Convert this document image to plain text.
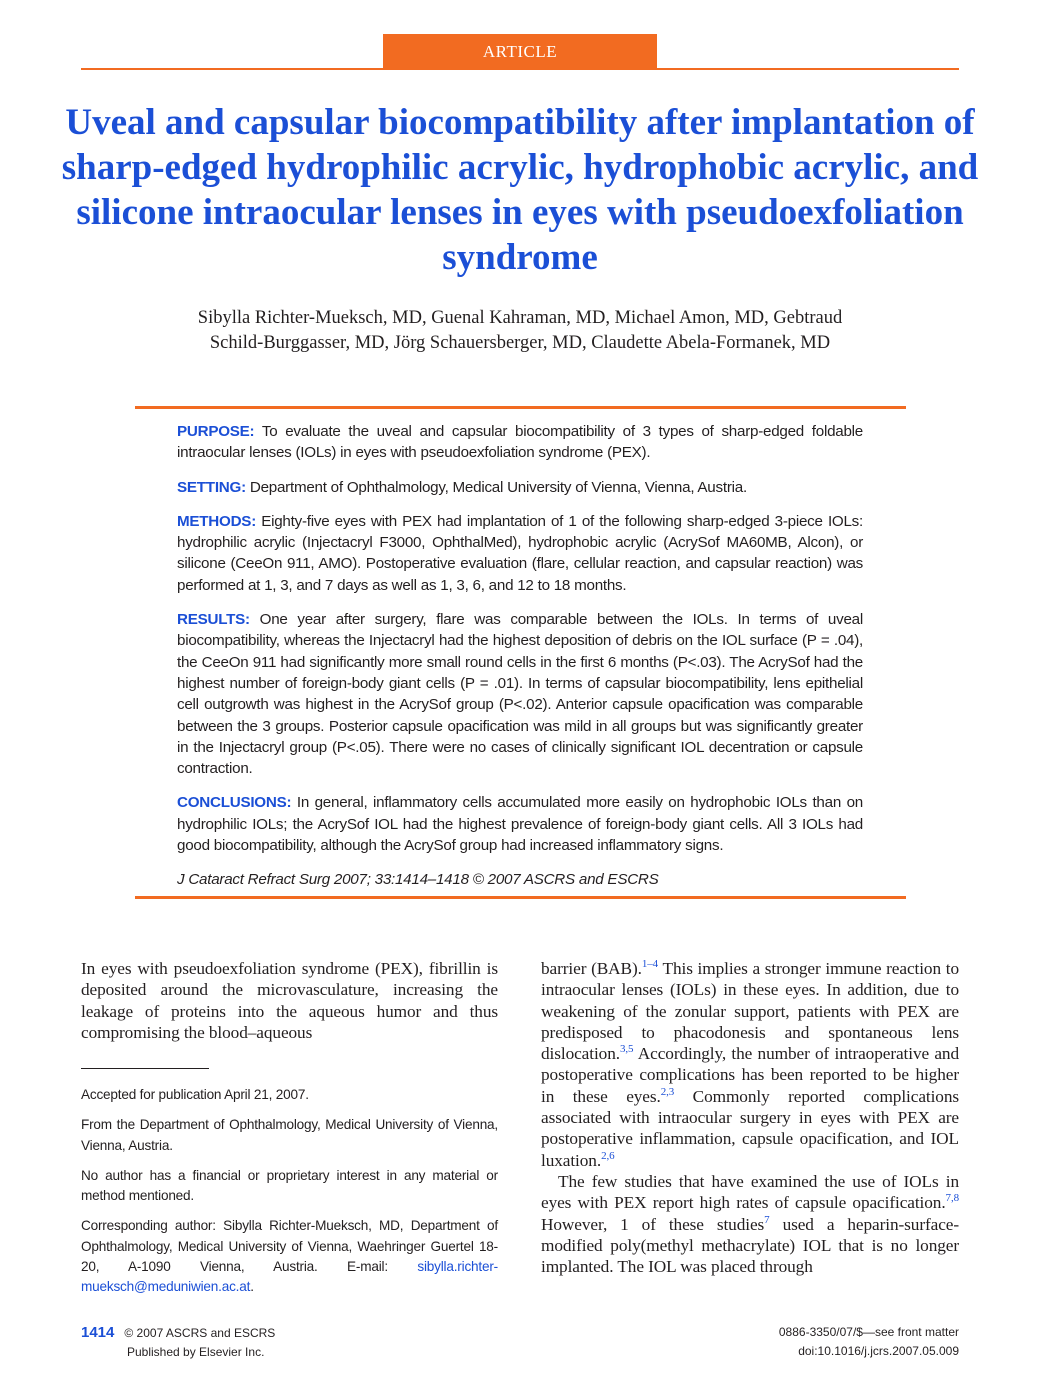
ARTICLE
Uveal and capsular biocompatibility after implantation of sharp-edged hydrophilic acrylic, hydrophobic acrylic, and silicone intraocular lenses in eyes with pseudoexfoliation syndrome
Sibylla Richter-Mueksch, MD, Guenal Kahraman, MD, Michael Amon, MD, Gebtraud
Schild-Burggasser, MD, Jörg Schauersberger, MD, Claudette Abela-Formanek, MD

PURPOSE: To evaluate the uveal and capsular biocompatibility of 3 types of sharp-edged foldable intraocular lenses (IOLs) in eyes with pseudoexfoliation syndrome (PEX).

SETTING: Department of Ophthalmology, Medical University of Vienna, Vienna, Austria.

METHODS: Eighty-five eyes with PEX had implantation of 1 of the following sharp-edged 3-piece IOLs: hydrophilic acrylic (Injectacryl F3000, OphthalMed), hydrophobic acrylic (AcrySof MA60MB, Alcon), or silicone (CeeOn 911, AMO). Postoperative evaluation (flare, cellular reaction, and capsular reaction) was performed at 1, 3, and 7 days as well as 1, 3, 6, and 12 to 18 months.

RESULTS: One year after surgery, flare was comparable between the IOLs. In terms of uveal biocompatibility, whereas the Injectacryl had the highest deposition of debris on the IOL surface (P = .04), the CeeOn 911 had significantly more small round cells in the first 6 months (P<.03). The AcrySof had the highest number of foreign-body giant cells (P = .01). In terms of capsular biocompatibility, lens epithelial cell outgrowth was highest in the AcrySof group (P<.02). Anterior capsule opacification was comparable between the 3 groups. Posterior capsule opacification was mild in all groups but was significantly greater in the Injectacryl group (P<.05). There were no cases of clinically significant IOL decentration or capsule contraction.

CONCLUSIONS: In general, inflammatory cells accumulated more easily on hydrophobic IOLs than on hydrophilic IOLs; the AcrySof IOL had the highest prevalence of foreign-body giant cells. All 3 IOLs had good biocompatibility, although the AcrySof group had increased inflammatory signs.

J Cataract Refract Surg 2007; 33:1414–1418 © 2007 ASCRS and ESCRS

In eyes with pseudoexfoliation syndrome (PEX), fibrillin is deposited around the microvasculature, increasing the leakage of proteins into the aqueous humor and thus compromising the blood–aqueous

Accepted for publication April 21, 2007.

From the Department of Ophthalmology, Medical University of Vienna, Vienna, Austria.

No author has a financial or proprietary interest in any material or method mentioned.

Corresponding author: Sibylla Richter-Mueksch, MD, Department of Ophthalmology, Medical University of Vienna, Waehringer Guertel 18-20, A-1090 Vienna, Austria. E-mail: sibylla.richter-mueksch@meduniwien.ac.at.

barrier (BAB).$^{1-4}$ This implies a stronger immune reaction to intraocular lenses (IOLs) in these eyes. In addition, due to weakening of the zonular support, patients with PEX are predisposed to phacodonesis and spontaneous lens dislocation.$^{3,5}$ Accordingly, the number of intraoperative and postoperative complications has been reported to be higher in these eyes.$^{2,3}$ Commonly reported complications associated with intraocular surgery in eyes with PEX are postoperative inflammation, capsule opacification, and IOL luxation.$^{2,6}$

The few studies that have examined the use of IOLs in eyes with PEX report high rates of capsule opacification.$^{7,8}$ However, 1 of these studies$^7$ used a heparin-surface-modified poly(methyl methacrylate) IOL that is no longer implanted. The IOL was placed through

1414 © 2007 ASCRS and ESCRS
Published by Elsevier Inc.
0886-3350/07/$—see front matter
doi:10.1016/j.jcrs.2007.05.009
